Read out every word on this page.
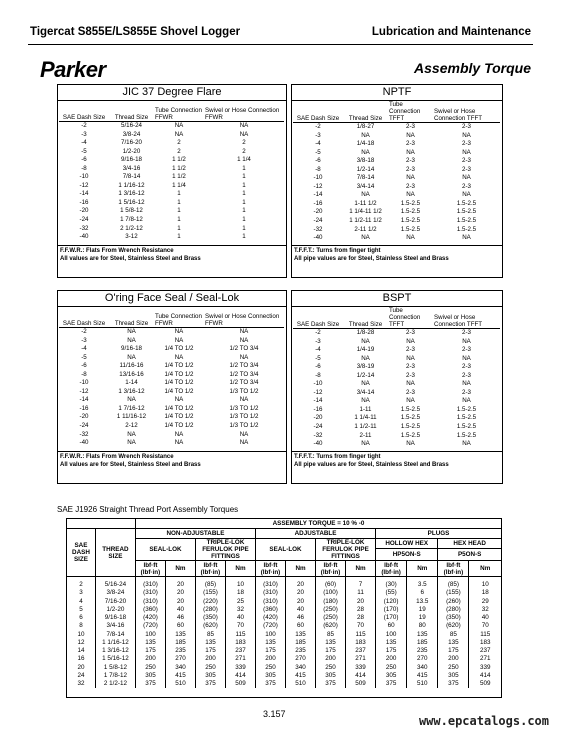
Tigercat S855E/LS855E Shovel Logger	Lubrication and Maintenance
Parker	Assembly Torque
JIC 37 Degree Flare
SAE Dash Size	Thread Size	Tube Connection FFWR	Swivel or Hose Connection FFWR
-2	5/16-24	NA	NA
-3	3/8-24	NA	NA
-4	7/16-20	2	2
-5	1/2-20	2	2
-6	9/16-18	1 1/2	1 1/4
-8	3/4-16	1 1/2	1
-10	7/8-14	1 1/2	1
-12	1 1/16-12	1 1/4	1
-14	1 3/16-12	1	1
-16	1 5/16-12	1	1
-20	1 5/8-12	1	1
-24	1 7/8-12	1	1
-32	2 1/2-12	1	1
-40	3-12	1	1
F.F.W.R.: Flats From Wrench Resistance
All values are for Steel, Stainless Steel and Brass
NPTF
SAE Dash Size	Thread Size	Tube Connection TFFT	Swivel or Hose Connection TFFT
-2	1/8-27	2-3	2-3
-3	NA	NA	NA
-4	1/4-18	2-3	2-3
-5	NA	NA	NA
-6	3/8-18	2-3	2-3
-8	1/2-14	2-3	2-3
-10	7/8-14	NA	NA
-12	3/4-14	2-3	2-3
-14	NA	NA	NA
-16	1-11 1/2	1.5-2.5	1.5-2.5
-20	1 1/4-11 1/2	1.5-2.5	1.5-2.5
-24	1 1/2-11 1/2	1.5-2.5	1.5-2.5
-32	2-11 1/2	1.5-2.5	1.5-2.5
-40	NA	NA	NA
T.F.F.T.: Turns from finger tight
All pipe values are for Steel, Stainless Steel and Brass
O'ring Face Seal / Seal-Lok
SAE Dash Size	Thread Size	Tube Connection FFWR	Swivel or Hose Connection FFWR
-2	NA	NA	NA
-3	NA	NA	NA
-4	9/16-18	1/4 TO 1/2	1/2 TO 3/4
-5	NA	NA	NA
-6	11/16-16	1/4 TO 1/2	1/2 TO 3/4
-8	13/16-16	1/4 TO 1/2	1/2 TO 3/4
-10	1-14	1/4 TO 1/2	1/2 TO 3/4
-12	1 3/16-12	1/4 TO 1/2	1/3 TO 1/2
-14	NA	NA	NA
-16	1 7/16-12	1/4 TO 1/2	1/3 TO 1/2
-20	1 11/16-12	1/4 TO 1/2	1/3 TO 1/2
-24	2-12	1/4 TO 1/2	1/3 TO 1/2
-32	NA	NA	NA
-40	NA	NA	NA
F.F.W.R.: Flats From Wrench Resistance
All values are for Steel, Stainless Steel and Brass
BSPT
SAE Dash Size	Thread Size	Tube Connection TFFT	Swivel or Hose Connection TFFT
-2	1/8-28	2-3	2-3
-3	NA	NA	NA
-4	1/4-19	2-3	2-3
-5	NA	NA	NA
-6	3/8-19	2-3	2-3
-8	1/2-14	2-3	2-3
-10	NA	NA	NA
-12	3/4-14	2-3	2-3
-14	NA	NA	NA
-16	1-11	1.5-2.5	1.5-2.5
-20	1 1/4-11	1.5-2.5	1.5-2.5
-24	1 1/2-11	1.5-2.5	1.5-2.5
-32	2-11	1.5-2.5	1.5-2.5
-40	NA	NA	NA
T.F.F.T.: Turns from finger tight
All pipe values are for Steel, Stainless Steel and Brass
SAE J1926 Straight Thread Port Assembly Torques
		ASSEMBLY TORQUE = 10 % -0											
SAE DASH SIZE	THREAD SIZE	NON-ADJUSTABLE				ADJUSTABLE				PLUGS			
		SEAL-LOK		TRIPLE-LOK FERULOK PIPE FITTINGS		SEAL-LOK		TRIPLE-LOK FERULOK PIPE FITTINGS		HOLLOW HEX		HEX HEAD	
										HP5ON-S		P5ON-S	
		lbf·ft (lbf·in)	Nm	lbf·ft (lbf·in)	Nm	lbf·ft (lbf·in)	Nm	lbf·ft (lbf·in)	Nm	lbf·ft (lbf·in)	Nm	lbf·ft (lbf·in)	Nm

2	5/16-24	(310)	20	(85)	10	(310)	20	(60)	7	(30)	3.5	(85)	10
3	3/8-24	(310)	20	(155)	18	(310)	20	(100)	11	(55)	6	(155)	18
4	7/16-20	(310)	20	(220)	25	(310)	20	(180)	20	(120)	13.5	(260)	29
5	1/2-20	(360)	40	(280)	32	(360)	40	(250)	28	(170)	19	(280)	32
6	9/16-18	(420)	46	(350)	40	(420)	46	(250)	28	(170)	19	(350)	40
8	3/4-16	(720)	60	(620)	70	(720)	60	(620)	70	60	80	(620)	70
10	7/8-14	100	135	85	115	100	135	85	115	100	135	85	115
12	1 1/16-12	135	185	135	183	135	185	135	183	135	185	135	183
14	1 3/16-12	175	235	175	237	175	235	175	237	175	235	175	237
16	1 5/16-12	200	270	200	271	200	270	200	271	200	270	200	271
20	1 5/8-12	250	340	250	339	250	340	250	339	250	340	250	339
24	1 7/8-12	305	415	305	414	305	415	305	414	305	415	305	414
32	2 1/2-12	375	510	375	509	375	510	375	509	375	510	375	509
3.157	www.epcatalogs.com
